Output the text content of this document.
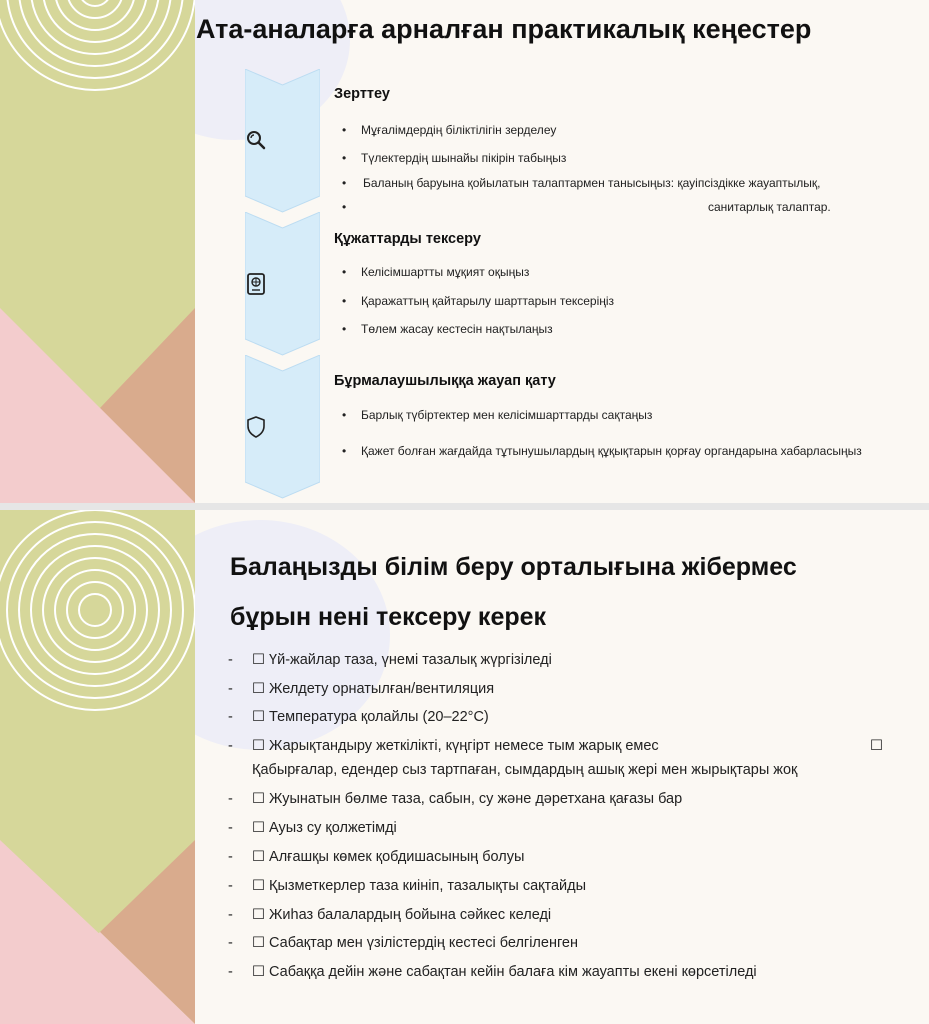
Ата-аналарға арналған практикалық кеңестер
Зерттеу
• Мұғалімдердің біліктілігін зерделеу
• Түлектердің шынайы пікірін табыңыз
• Баланың баруына қойылатын талаптармен танысыңыз: қауіпсіздікке жауаптылық,
•	санитарлық талаптар.
Құжаттарды тексеру
• Келісімшартты мұқият оқыңыз
• Қаражаттың қайтарылу шарттарын тексеріңіз
• Төлем жасау кестесін нақтылаңыз
Бұрмалаушылыққа жауап қату
• Барлық түбіртектер мен келісімшарттарды сақтаңыз
• Қажет болған жағдайда тұтынушылардың құқықтарын қорғау органдарына хабарласыңыз
Балаңызды білім беру орталығына жібермес
бұрын нені тексеру керек
- ☐ Үй-жайлар таза, үнемі тазалық жүргізіледі
- ☐ Желдету орнатылған/вентиляция
- ☐ Температура қолайлы (20–22°C)
- ☐ Жарықтандыру жеткілікті, күңгірт немесе тым жарық емес	☐
Қабырғалар, едендер сыз тартпаған, сымдардың ашық жері мен жырықтары жоқ
- ☐ Жуынатын бөлме таза, сабын, су және дәретхана қағазы бар
- ☐ Ауыз су қолжетімді
- ☐ Алғашқы көмек қобдишасының болуы
- ☐ Қызметкерлер таза киініп, тазалықты сақтайды
- ☐ Жиһаз балалардың бойына сәйкес келеді
- ☐ Сабақтар мен үзілістердің кестесі белгіленген
- ☐ Сабаққа дейін және сабақтан кейін балаға кім жауапты екені көрсетіледі
